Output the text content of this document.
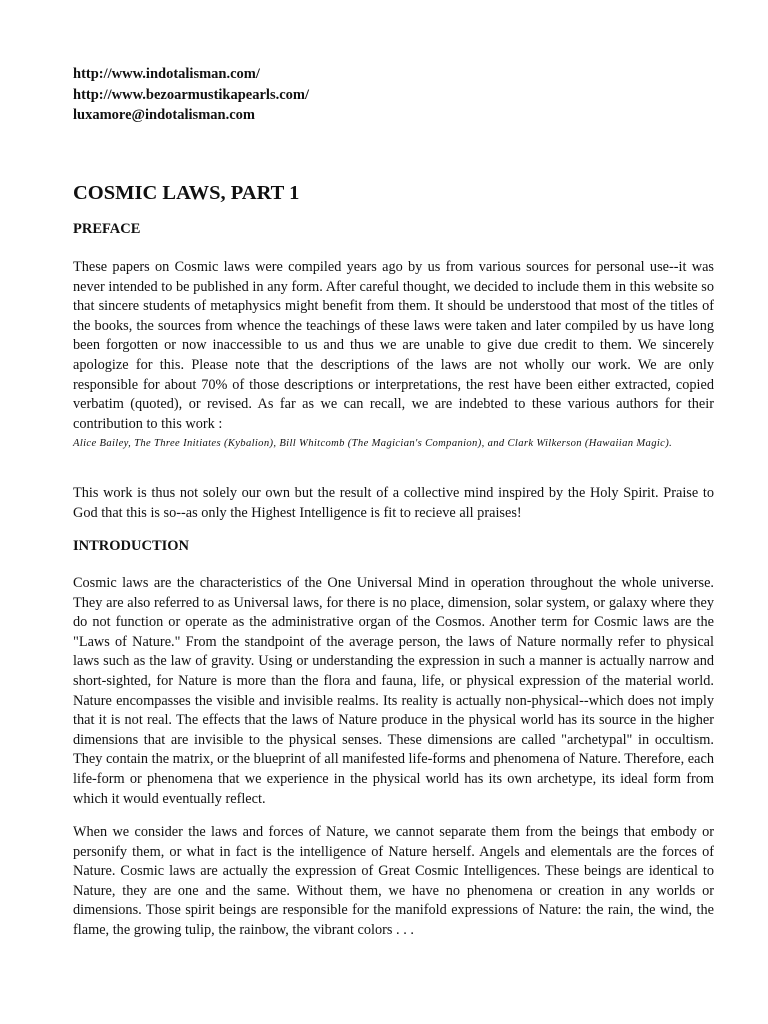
http://www.indotalisman.com/
http://www.bezoarmustikapearls.com/
luxamore@indotalisman.com
COSMIC LAWS, PART 1
PREFACE

These papers on Cosmic laws were compiled years ago by us from various sources for personal use--it was never intended to be published in any form. After careful thought, we decided to include them in this website so that sincere students of metaphysics might benefit from them. It should be understood that most of the titles of the books, the sources from whence the teachings of these laws were taken and later compiled by us have long been forgotten or now inaccessible to us and thus we are unable to give due credit to them. We sincerely apologize for this. Please note that the descriptions of the laws are not wholly our work. We are only responsible for about 70% of those descriptions or interpretations, the rest have been either extracted, copied verbatim (quoted), or revised. As far as we can recall, we are indebted to these various authors for their contribution to this work :

Alice Bailey, The Three Initiates (Kybalion), Bill Whitcomb (The Magician's Companion), and Clark Wilkerson (Hawaiian Magic).

This work is thus not solely our own but the result of a collective mind inspired by the Holy Spirit. Praise to God that this is so--as only the Highest Intelligence is fit to recieve all praises!

INTRODUCTION

Cosmic laws are the characteristics of the One Universal Mind in operation throughout the whole universe. They are also referred to as Universal laws, for there is no place, dimension, solar system, or galaxy where they do not function or operate as the administrative organ of the Cosmos. Another term for Cosmic laws are the "Laws of Nature." From the standpoint of the average person, the laws of Nature normally refer to physical laws such as the law of gravity. Using or understanding the expression in such a manner is actually narrow and short-sighted, for Nature is more than the flora and fauna, life, or physical expression of the material world. Nature encompasses the visible and invisible realms. Its reality is actually non-physical--which does not imply that it is not real. The effects that the laws of Nature produce in the physical world has its source in the higher dimensions that are invisible to the physical senses. These dimensions are called "archetypal" in occultism. They contain the matrix, or the blueprint of all manifested life-forms and phenomena of Nature. Therefore, each life-form or phenomena that we experience in the physical world has its own archetype, its ideal form from which it would eventually reflect.

When we consider the laws and forces of Nature, we cannot separate them from the beings that embody or personify them, or what in fact is the intelligence of Nature herself. Angels and elementals are the forces of Nature. Cosmic laws are actually the expression of Great Cosmic Intelligences. These beings are identical to Nature, they are one and the same. Without them, we have no phenomena or creation in any worlds or dimensions. Those spirit beings are responsible for the manifold expressions of Nature: the rain, the wind, the flame, the growing tulip, the rainbow, the vibrant colors . . .
